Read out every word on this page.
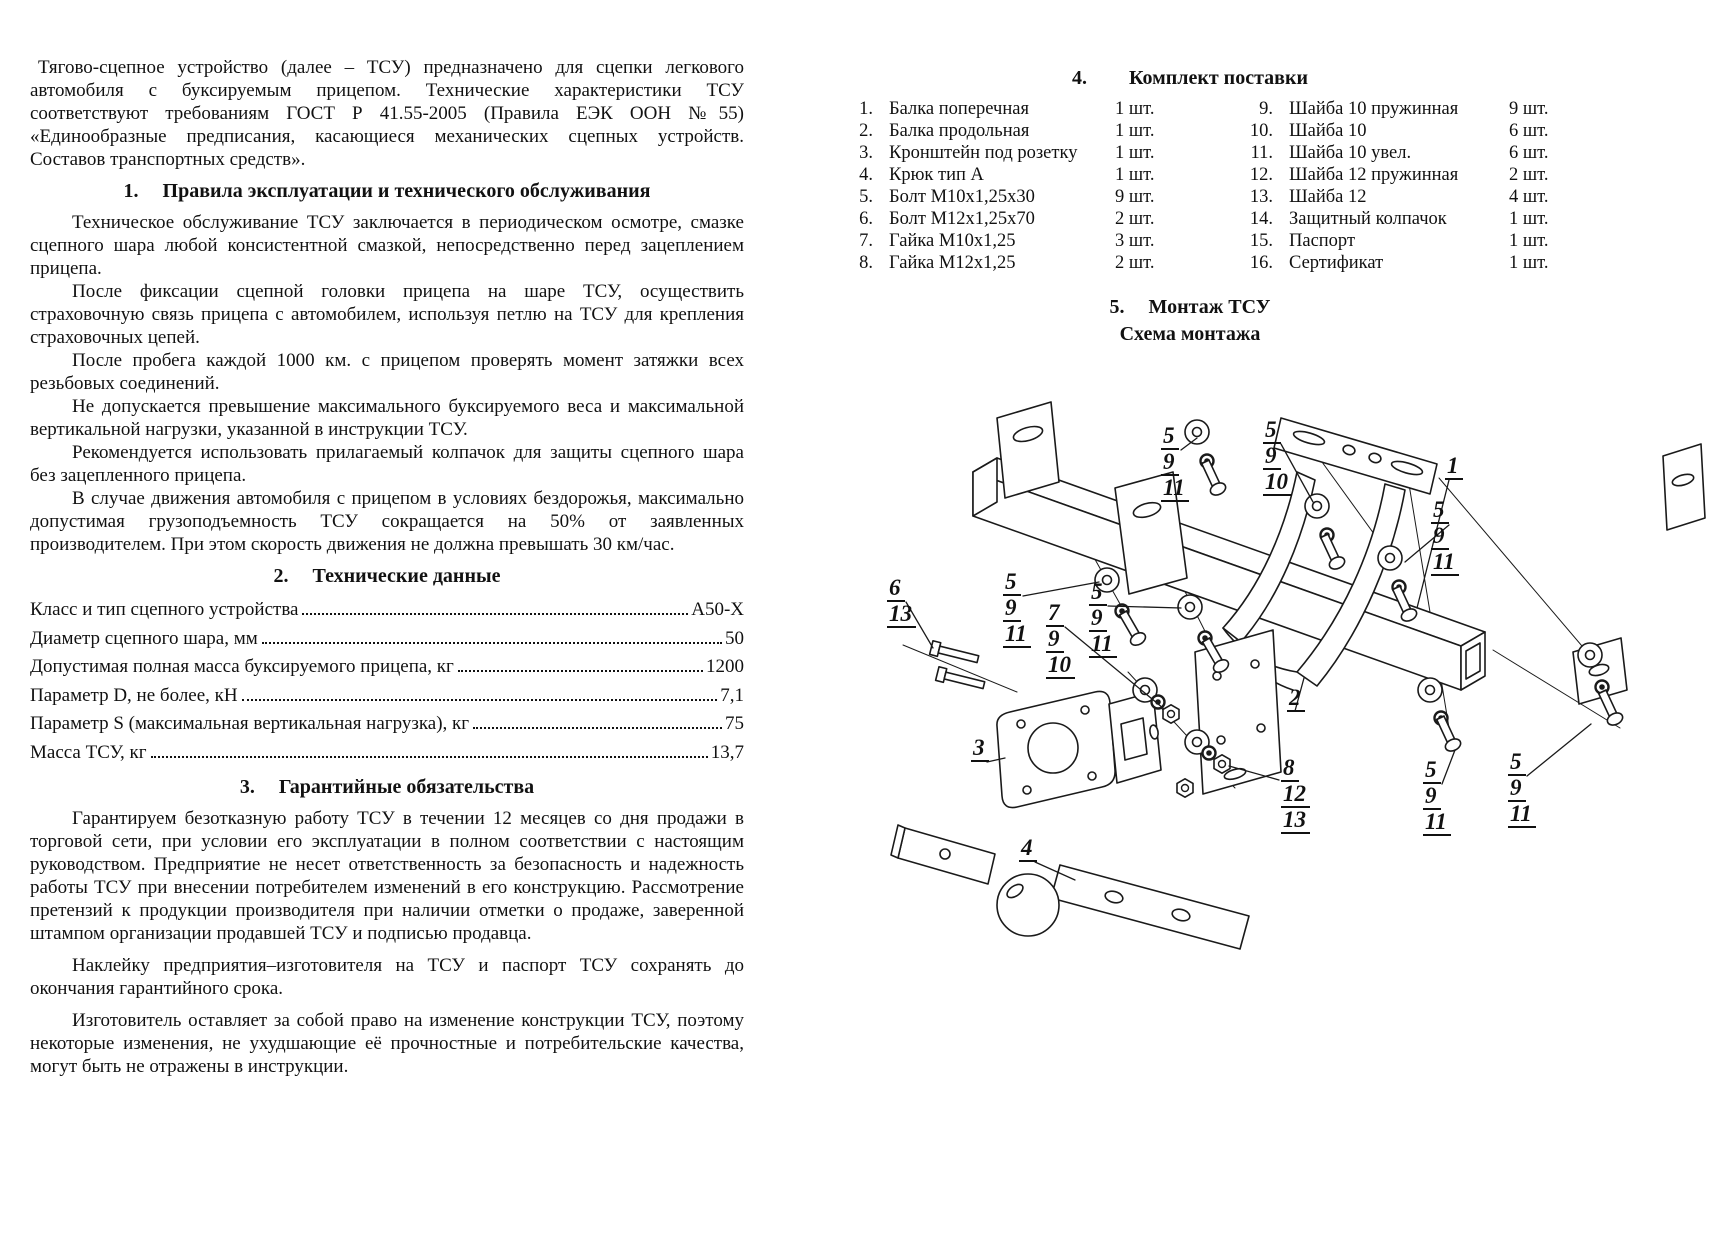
Тягово-сцепное устройство (далее – ТСУ) предназначено для сцепки легкового автомобиля с буксируемым прицепом. Технические характеристики ТСУ соответствуют требованиям ГОСТ Р 41.55-2005 (Правила ЕЭК ООН №55) «Единообразные предписания, касающиеся механических сцепных устройств. Составов транспортных средств».

1. Правила эксплуатации и технического обслуживания

Техническое обслуживание ТСУ заключается в периодическом осмотре, смазке сцепного шара любой консистентной смазкой, непосредственно перед зацеплением прицепа.

После фиксации сцепной головки прицепа на шаре ТСУ, осуществить страховочную связь прицепа с автомобилем, используя петлю на ТСУ для крепления страховочных цепей.

После пробега каждой 1000 км. с прицепом проверять момент затяжки всех резьбовых соединений.

Не допускается превышение максимального буксируемого веса и максимальной вертикальной нагрузки, указанной в инструкции ТСУ.

Рекомендуется использовать прилагаемый колпачок для защиты сцепного шара без зацепленного прицепа.

В случае движения автомобиля с прицепом в условиях бездорожья, максимально допустимая грузоподъемность ТСУ сокращается на 50% от заявленных производителем. При этом скорость движения не должна превышать 30 км/час.

2. Технические данные
Класс и тип сцепного устройства	А50-Х
Диаметр сцепного шара, мм	50
Допустимая полная масса буксируемого прицепа, кг	1200
Параметр D, не более, кН	7,1
Параметр S (максимальная вертикальная нагрузка), кг	75
Масса ТСУ, кг	13,7
3. Гарантийные обязательства

Гарантируем безотказную работу ТСУ в течении 12 месяцев со дня продажи в торговой сети, при условии его эксплуатации в полном соответствии с настоящим руководством. Предприятие не несет ответственность за безопасность и надежность работы ТСУ при внесении потребителем изменений в его конструкцию. Рассмотрение претензий к продукции производителя при наличии отметки о продаже, заверенной штампом организации продавшей ТСУ и подписью продавца.

Наклейку предприятия–изготовителя на ТСУ и паспорт ТСУ сохранять до окончания гарантийного срока.

Изготовитель оставляет за собой право на изменение конструкции ТСУ, поэтому некоторые изменения, не ухудшающие её прочностные и потребительские качества, могут быть не отражены в инструкции.

4. Комплект поставки
1. Балка поперечная	1 шт.
2. Балка продольная	1 шт.
3. Кронштейн под розетку	1 шт.
4. Крюк тип А	1 шт.
5. Болт М10х1,25х30	9 шт.
6. Болт М12х1,25х70	2 шт.
7. Гайка М10х1,25	3 шт.
8. Гайка М12х1,25	2 шт.
9. Шайба 10 пружинная	9 шт.
10. Шайба 10	6 шт.
11. Шайба 10 увел.	6 шт.
12. Шайба 12 пружинная	2 шт.
13. Шайба 12	4 шт.
14. Защитный колпачок	1 шт.
15. Паспорт	1 шт.
16. Сертификат	1 шт.
5. Монтаж ТСУ
Схема монтажа
1
5
9
11
5
9
10
5
9
11
5
9
11
7
9
10
5
9
11
6
13
2
3
8
12
13
4
5
9
11
5
9
11
